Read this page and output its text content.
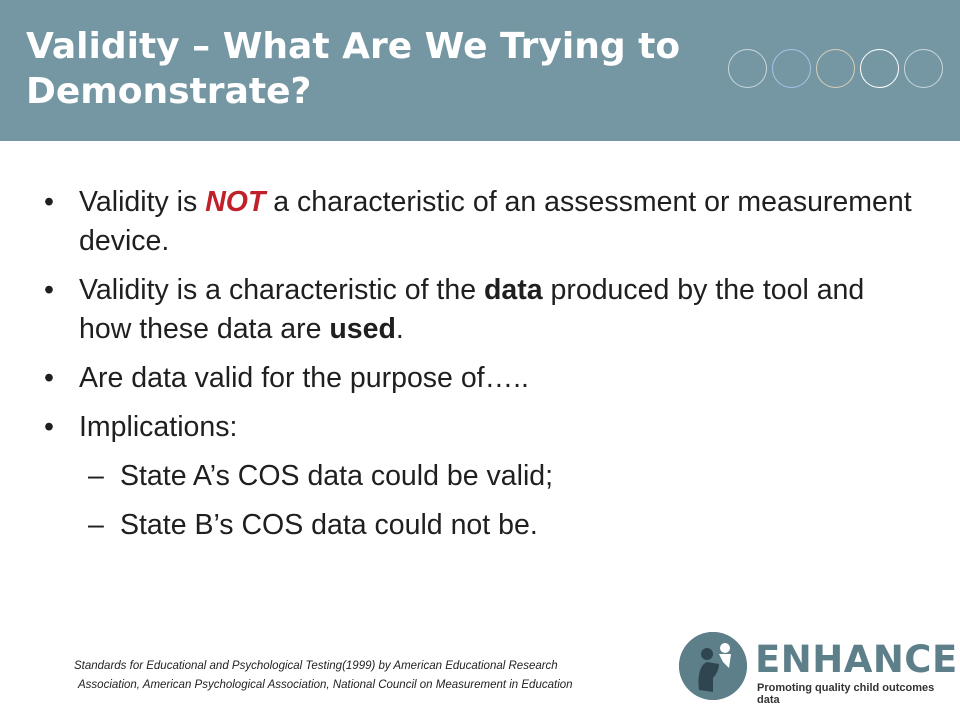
Validity – What Are We Trying to Demonstrate?
• Validity is NOT a characteristic of an assessment or measurement device.
• Validity is a characteristic of the data produced by the tool and how these data are used.
• Are data valid for the purpose of…..
• Implications:
– State A’s COS data could be valid;
– State B’s COS data could not be.
Standards for Educational and Psychological Testing(1999) by American Educational Research
Association, American Psychological Association, National Council on Measurement in Education
ENHANCE
Promoting quality child outcomes data
